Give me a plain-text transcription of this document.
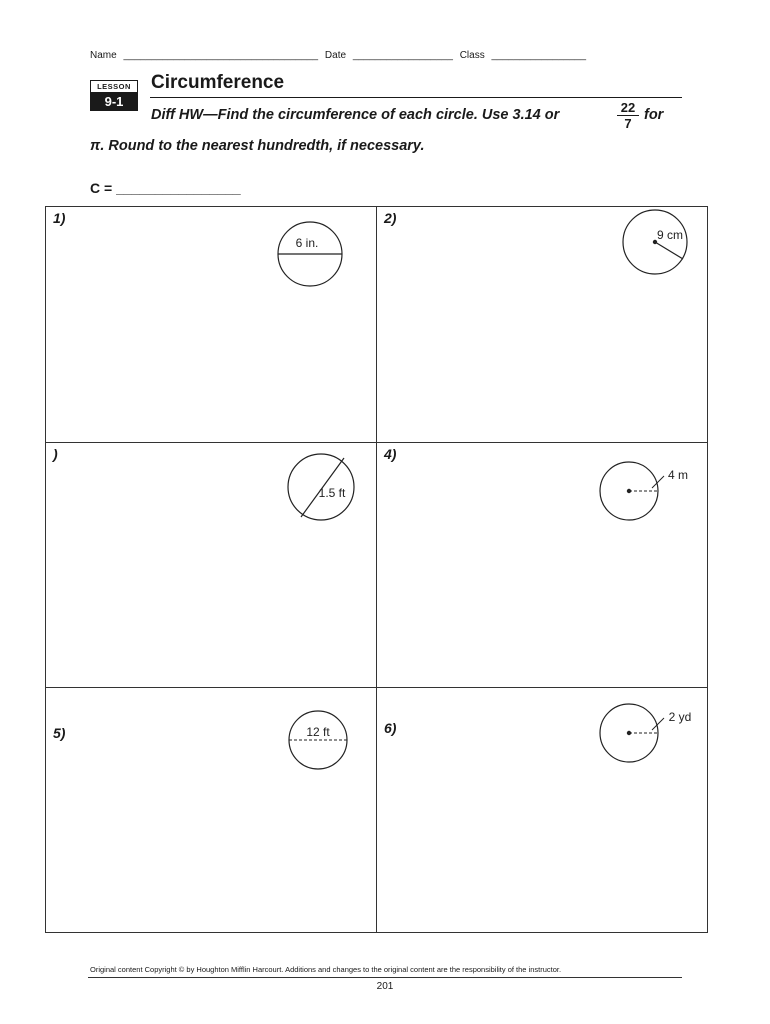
Name ___________________________________ Date __________________ Class _________________
LESSON
9-1
Circumference
Diff HW—Find the circumference of each circle. Use 3.14 or	$\frac{22}{7}$ for
π. Round to the nearest hundredth, if necessary.
C = ________________
1)
6 in.
2)
9 cm
)
1.5 ft
4)
4 m
5)	12 ft	6)
2 yd
Original content Copyright © by Houghton Mifflin Harcourt. Additions and changes to the original content are the responsibility of the instructor.
201
